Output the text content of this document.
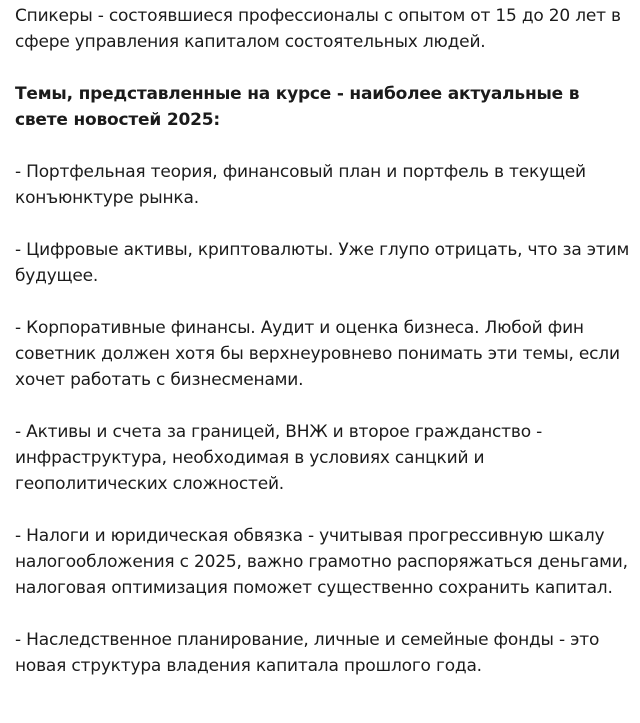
Спикеры - состоявшиеся профессионалы с опытом от 15 до 20 лет в сфере управления капиталом состоятельных людей.

Темы, представленные на курсе - наиболее актуальные в свете новостей 2025:

- Портфельная теория, финансовый план и портфель в текущей конъюнктуре рынка.

- Цифровые активы, криптовалюты. Уже глупо отрицать, что за этим будущее.

- Корпоративные финансы. Аудит и оценка бизнеса. Любой фин советник должен хотя бы верхнеуровнево понимать эти темы, если хочет работать с бизнесменами.

- Активы и счета за границей, ВНЖ и второе гражданство - инфраструктура, необходимая в условиях санцкий и геополитических сложностей.

- Налоги и юридическая обвязка - учитывая прогрессивную шкалу налогообложения с 2025, важно грамотно распоряжаться деньгами, налоговая оптимизация поможет существенно сохранить капитал.

- Наследственное планирование, личные и семейные фонды - это новая структура владения капитала прошлого года.
